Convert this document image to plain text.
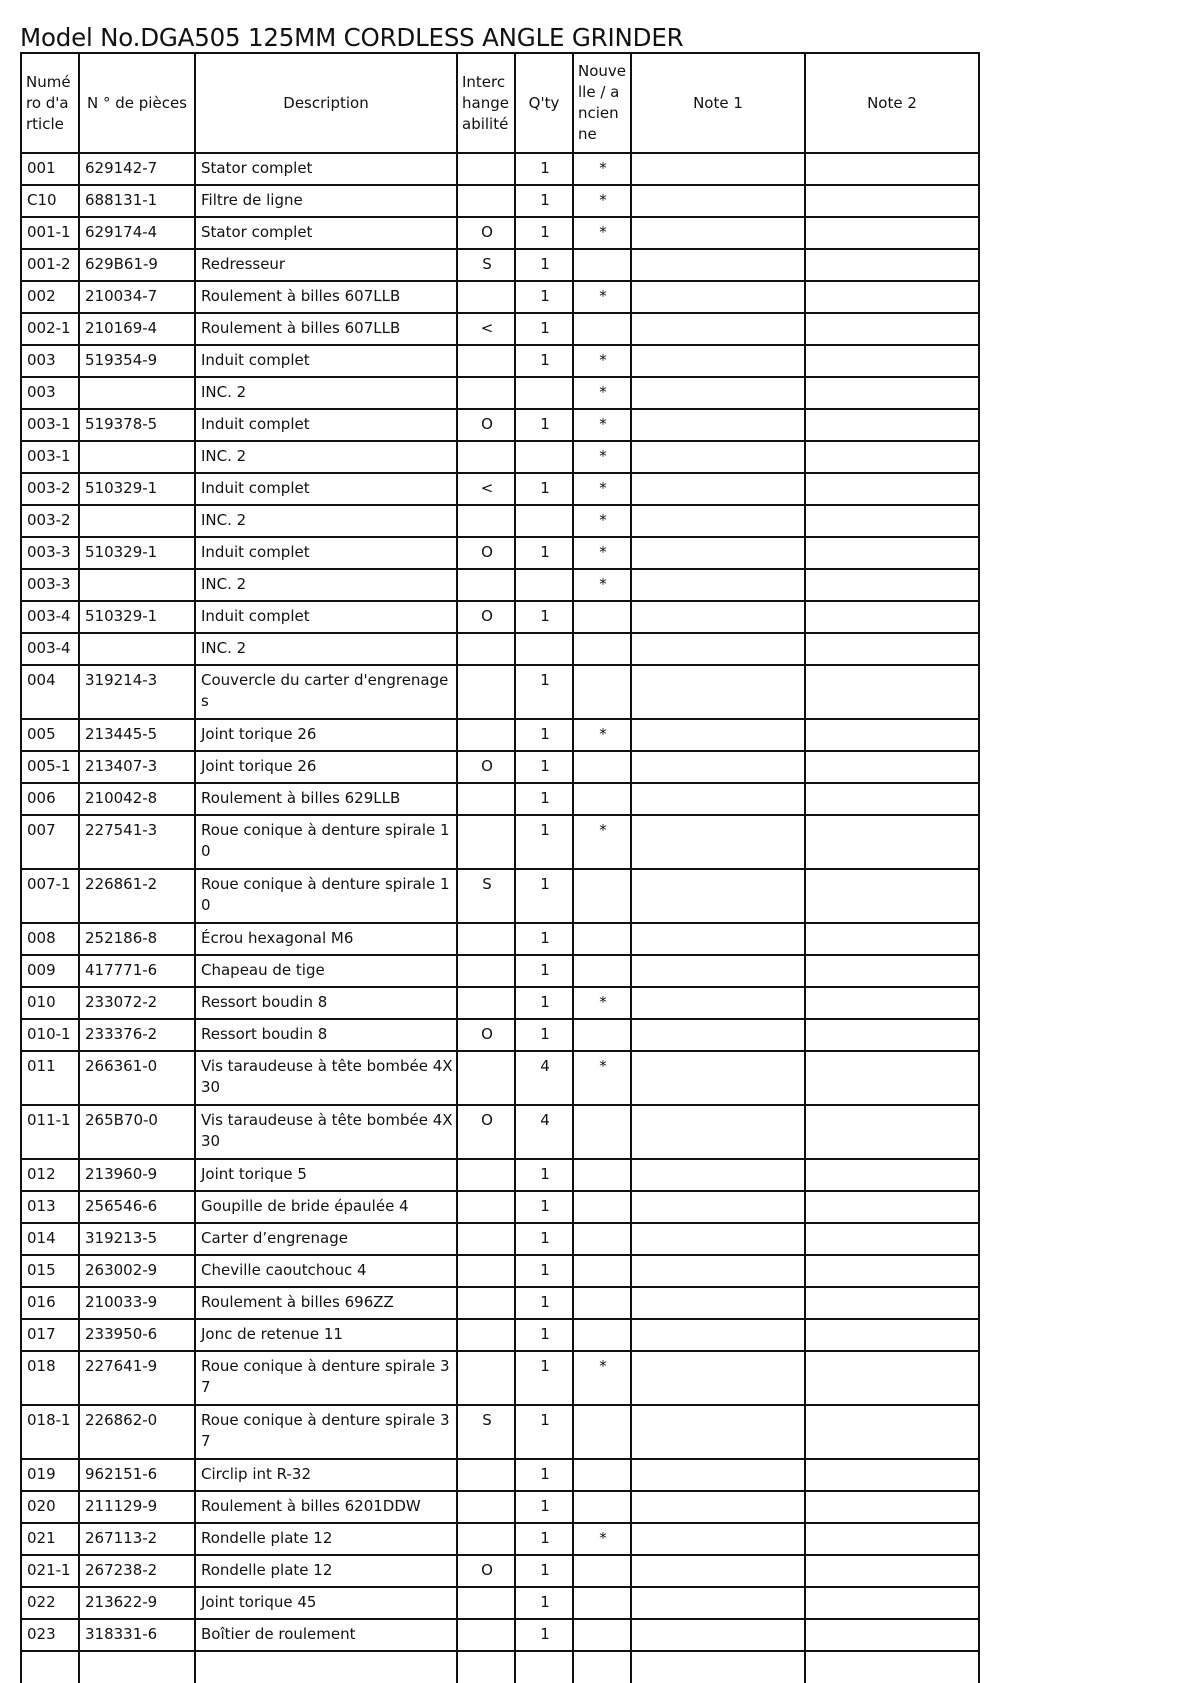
Model No.DGA505 125MM CORDLESS ANGLE GRINDER
Numéro d'article	N ° de pièces	Description	Interchangeabilité	Q'ty	Nouvelle / ancienne	Note 1	Note 2
001	629142-7	Stator complet		1	*		
C10	688131-1	Filtre de ligne		1	*		
001-1	629174-4	Stator complet	O	1	*		
001-2	629B61-9	Redresseur	S	1			
002	210034-7	Roulement à billes 607LLB		1	*		
002-1	210169-4	Roulement à billes 607LLB	<	1			
003	519354-9	Induit complet		1	*		
003		INC. 2			*		
003-1	519378-5	Induit complet	O	1	*		
003-1		INC. 2			*		
003-2	510329-1	Induit complet	<	1	*		
003-2		INC. 2			*		
003-3	510329-1	Induit complet	O	1	*		
003-3		INC. 2			*		
003-4	510329-1	Induit complet	O	1			
003-4		INC. 2					
004	319214-3	Couvercle du carter d'engrenages		1			
005	213445-5	Joint torique 26		1	*		
005-1	213407-3	Joint torique 26	O	1			
006	210042-8	Roulement à billes 629LLB		1			
007	227541-3	Roue conique à denture spirale 10		1	*		
007-1	226861-2	Roue conique à denture spirale 10	S	1			
008	252186-8	Écrou hexagonal M6		1			
009	417771-6	Chapeau de tige		1			
010	233072-2	Ressort boudin 8		1	*		
010-1	233376-2	Ressort boudin 8	O	1			
011	266361-0	Vis taraudeuse à tête bombée 4X30		4	*		
011-1	265B70-0	Vis taraudeuse à tête bombée 4X30	O	4			
012	213960-9	Joint torique 5		1			
013	256546-6	Goupille de bride épaulée 4		1			
014	319213-5	Carter d’engrenage		1			
015	263002-9	Cheville caoutchouc 4		1			
016	210033-9	Roulement à billes 696ZZ		1			
017	233950-6	Jonc de retenue 11		1			
018	227641-9	Roue conique à denture spirale 37		1	*		
018-1	226862-0	Roue conique à denture spirale 37	S	1			
019	962151-6	Circlip int R-32		1			
020	211129-9	Roulement à billes 6201DDW		1			
021	267113-2	Rondelle plate 12		1	*		
021-1	267238-2	Rondelle plate 12	O	1			
022	213622-9	Joint torique 45		1			
023	318331-6	Boîtier de roulement		1			
